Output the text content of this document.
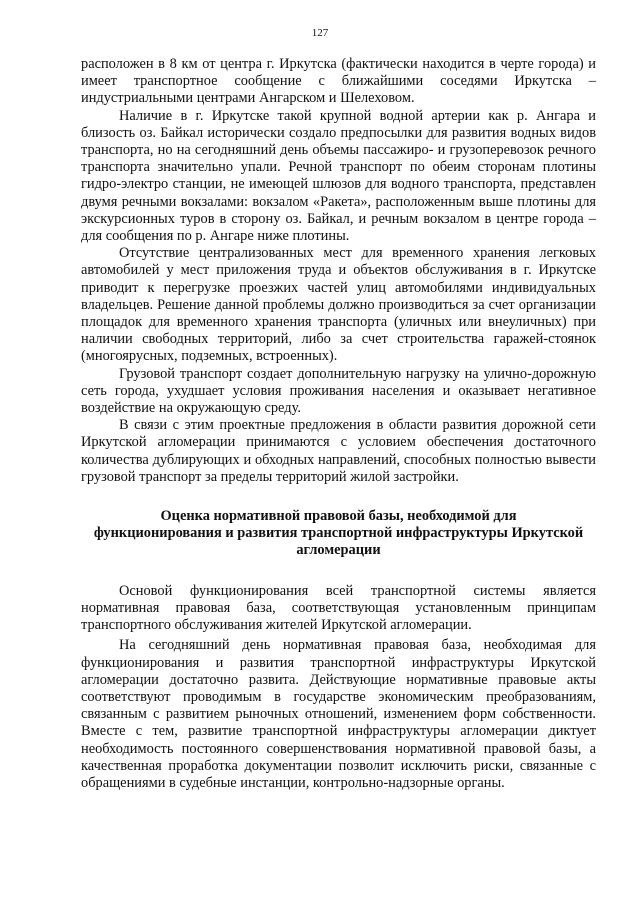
127

расположен в 8 км от центра г. Иркутска (фактически находится в черте города) и имеет транспортное сообщение с ближайшими соседями Иркутска – индустриальными центрами Ангарском и Шелеховом.

Наличие в г. Иркутске такой крупной водной артерии как р. Ангара и близость оз. Байкал исторически создало предпосылки для развития водных видов транспорта, но на сегодняшний день объемы пассажиро- и грузоперевозок речного транспорта значительно упали. Речной транспорт по обеим сторонам плотины гидро-электро станции, не имеющей шлюзов для водного транспорта, представлен двумя речными вокзалами: вокзалом «Ракета», расположенным выше плотины для экскурсионных туров в сторону оз. Байкал, и речным вокзалом в центре города – для сообщения по р. Ангаре ниже плотины.

Отсутствие централизованных мест для временного хранения легковых автомобилей у мест приложения труда и объектов обслуживания в г. Иркутске приводит к перегрузке проезжих частей улиц автомобилями индивидуальных владельцев. Решение данной проблемы должно производиться за счет организации площадок для временного хранения транспорта (уличных или внеуличных) при наличии свободных территорий, либо за счет строительства гаражей-стоянок (многоярусных, подземных, встроенных).

Грузовой транспорт создает дополнительную нагрузку на улично-дорожную сеть города, ухудшает условия проживания населения и оказывает негативное воздействие на окружающую среду.

В связи с этим проектные предложения в области развития дорожной сети Иркутской агломерации принимаются с условием обеспечения достаточного количества дублирующих и обходных направлений, способных полностью вывести грузовой транспорт за пределы территорий жилой застройки.

Оценка нормативной правовой базы, необходимой для
функционирования и развития транспортной инфраструктуры Иркутской
агломерации

Основой функционирования всей транспортной системы является нормативная правовая база, соответствующая установленным принципам транспортного обслуживания жителей Иркутской агломерации.

На сегодняшний день нормативная правовая база, необходимая для функционирования и развития транспортной инфраструктуры Иркутской агломерации достаточно развита. Действующие нормативные правовые акты соответствуют проводимым в государстве экономическим преобразованиям, связанным с развитием рыночных отношений, изменением форм собственности. Вместе с тем, развитие транспортной инфраструктуры агломерации диктует необходимость постоянного совершенствования нормативной правовой базы, а качественная проработка документации позволит исключить риски, связанные с обращениями в судебные инстанции, контрольно-надзорные органы.
